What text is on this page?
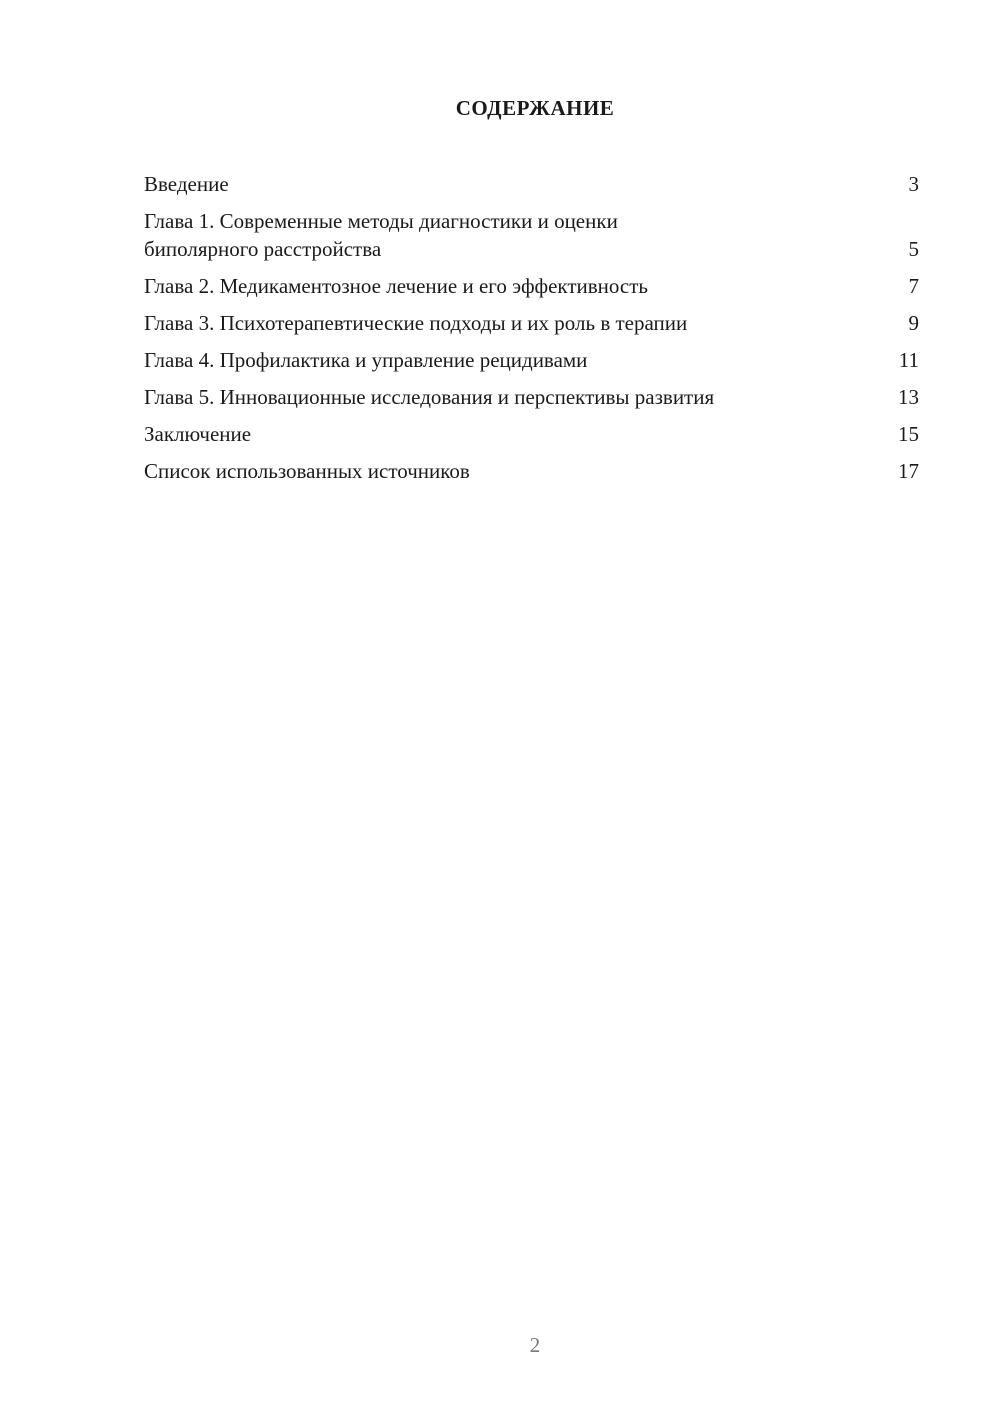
СОДЕРЖАНИЕ
Введение	3
Глава 1. Современные методы диагностики и оценки
биполярного расстройства	5
Глава 2. Медикаментозное лечение и его эффективность	7
Глава 3. Психотерапевтические подходы и их роль в терапии	9
Глава 4. Профилактика и управление рецидивами	11
Глава 5. Инновационные исследования и перспективы развития	13
Заключение	15
Список использованных источников	17
2
